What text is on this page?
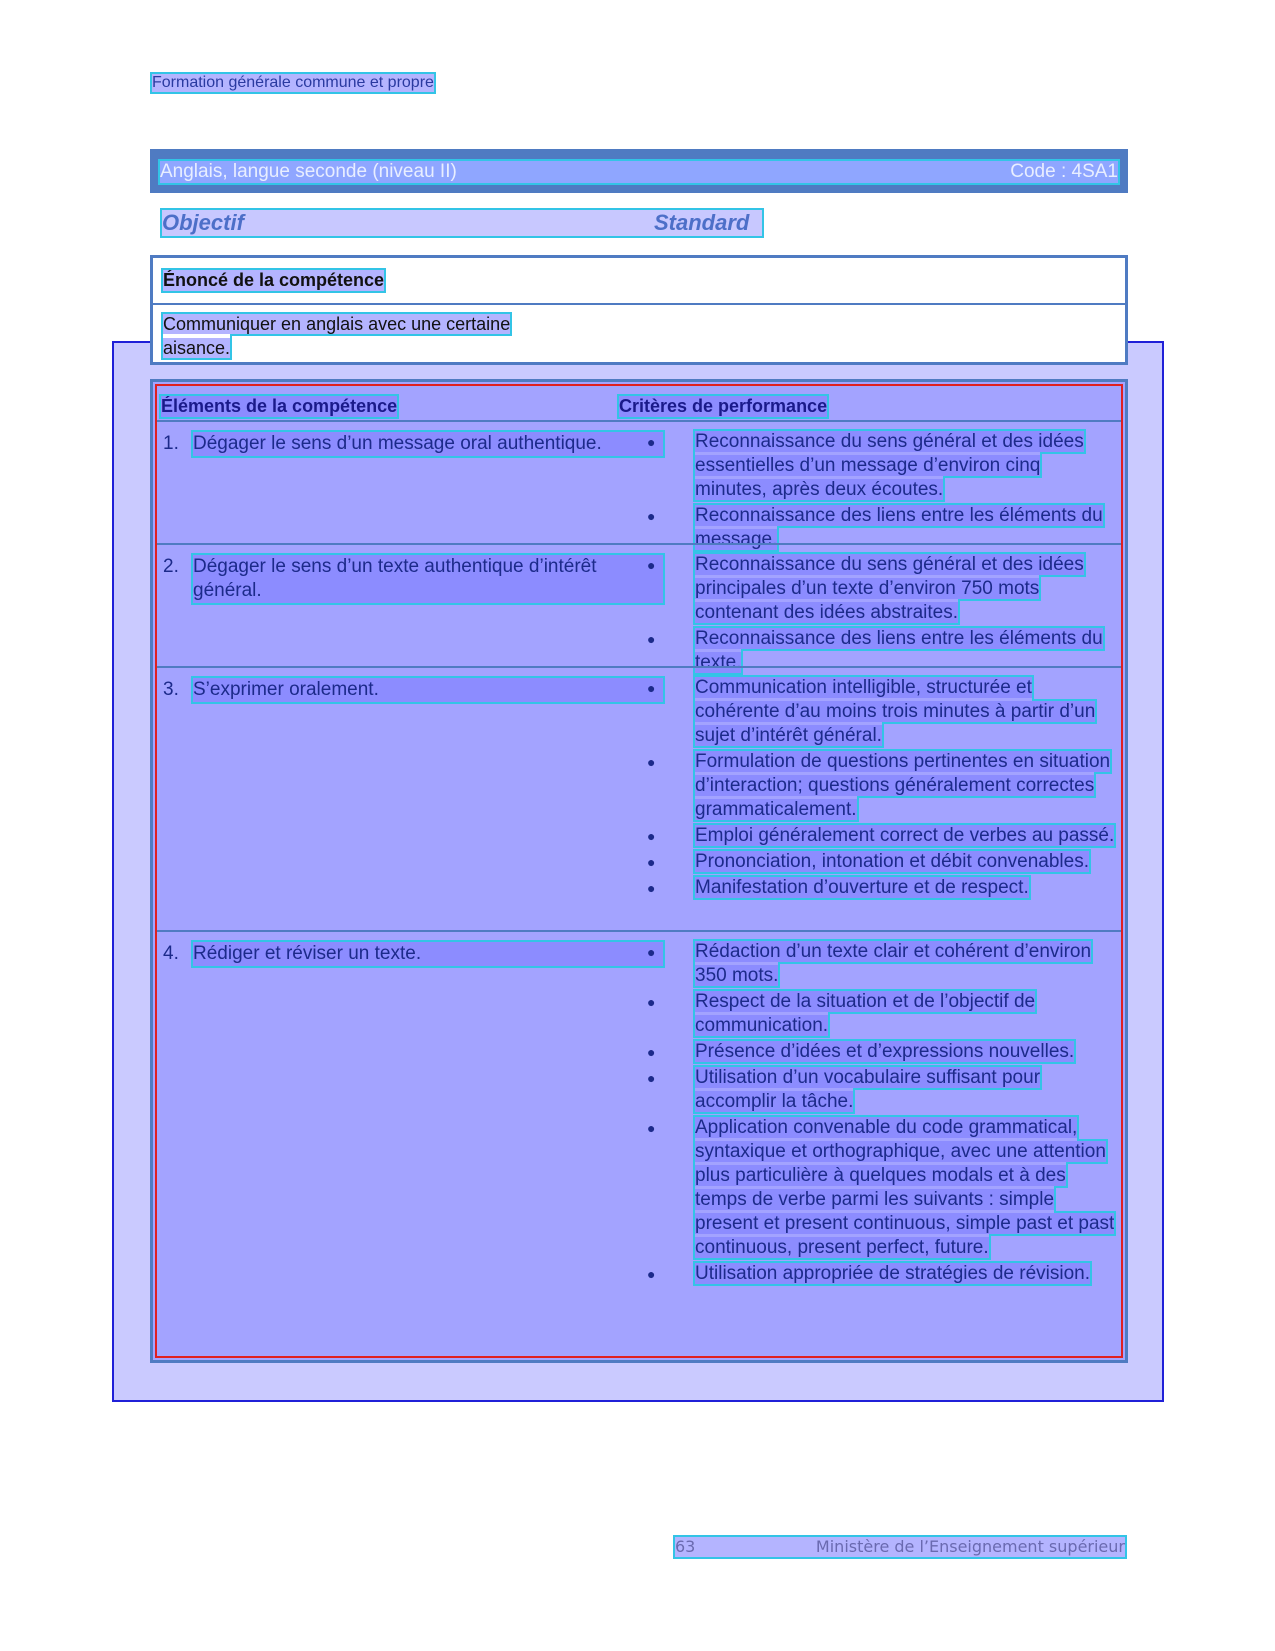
Formation générale commune et propre
Anglais, langue seconde (niveau II)	Code : 4SA1
Objectif	Standard
Énoncé de la compétence
Communiquer en anglais avec une certaine aisance.
Éléments de la compétence	Critères de performance
1. Dégager le sens d’un message oral authentique.	●	Reconnaissance du sens général et des idées essentielles d’un message d’environ cinq minutes, après deux écoutes.
●	Reconnaissance des liens entre les éléments du message.
2. Dégager le sens d’un texte authentique d’intérêt général.
●	Reconnaissance du sens général et des idées principales d’un texte d’environ 750 mots contenant des idées abstraites.
●	Reconnaissance des liens entre les éléments du texte.
3. S’exprimer oralement.	●	Communication intelligible, structurée et cohérente d’au moins trois minutes à partir d’un sujet d’intérêt général.
●	Formulation de questions pertinentes en situation d’interaction; questions généralement correctes grammaticalement.
●	Emploi généralement correct de verbes au passé.
●	Prononciation, intonation et débit convenables.
●	Manifestation d’ouverture et de respect.
4. Rédiger et réviser un texte.	●	Rédaction d’un texte clair et cohérent d’environ 350 mots.
●	Respect de la situation et de l’objectif de communication.
●	Présence d’idées et d’expressions nouvelles.
●	Utilisation d’un vocabulaire suffisant pour accomplir la tâche.
●	Application convenable du code grammatical, syntaxique et orthographique, avec une attention plus particulière à quelques modals et à des temps de verbe parmi les suivants : simple present et present continuous, simple past et past continuous, present perfect, future.
●	Utilisation appropriée de stratégies de révision.
63	Ministère de l’Enseignement supérieur
